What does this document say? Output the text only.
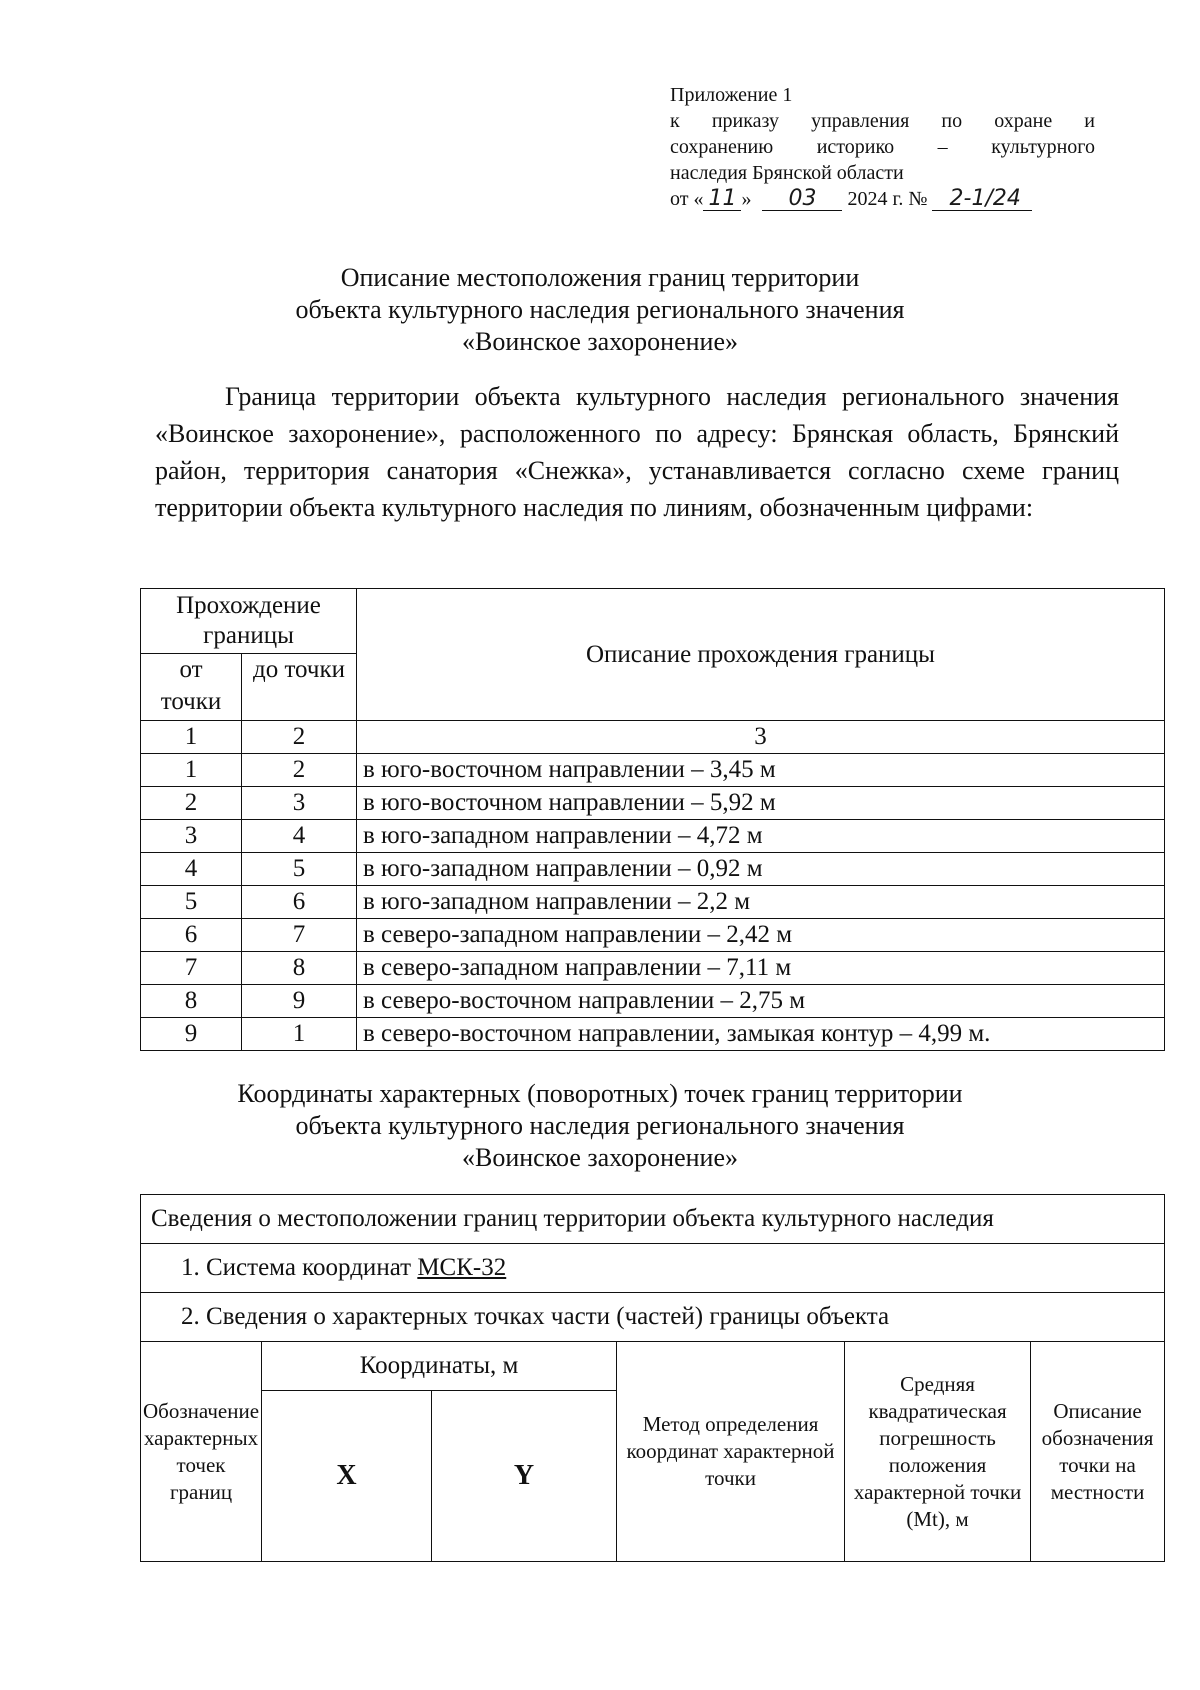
Приложение 1
к приказу управления по охране и
сохранению историко – культурного
наследия Брянской области
от « 11 » 03 2024 г. № 2-1/24
Описание местоположения границ территории
объекта культурного наследия регионального значения
«Воинское захоронение»
Граница территории объекта культурного наследия регионального значения «Воинское захоронение», расположенного по адресу: Брянская область, Брянский район, территория санатория «Снежка», устанавливается согласно схеме границ территории объекта культурного наследия по линиям, обозначенным цифрами:
Прохождение границы		Описание прохождения границы
от точки	до точки	
1	2	3
1	2	в юго-восточном направлении – 3,45 м
2	3	в юго-восточном направлении – 5,92 м
3	4	в юго-западном направлении – 4,72 м
4	5	в юго-западном направлении – 0,92 м
5	6	в юго-западном направлении – 2,2 м
6	7	в северо-западном направлении – 2,42 м
7	8	в северо-западном направлении – 7,11 м
8	9	в северо-восточном направлении – 2,75 м
9	1	в северо-восточном направлении, замыкая контур – 4,99 м.
Координаты характерных (поворотных) точек границ территории
объекта культурного наследия регионального значения
«Воинское захоронение»
Сведения о местоположении границ территории объекта культурного наследия					
1. Система координат МСК-32					
2. Сведения о характерных точках части (частей) границы объекта					
Обозначение характерных точек границ	Координаты, м		Метод определения координат характерной точки	Средняя квадратическая погрешность положения характерной точки (Mt), м	Описание обозначения точки на местности
	X	Y			
